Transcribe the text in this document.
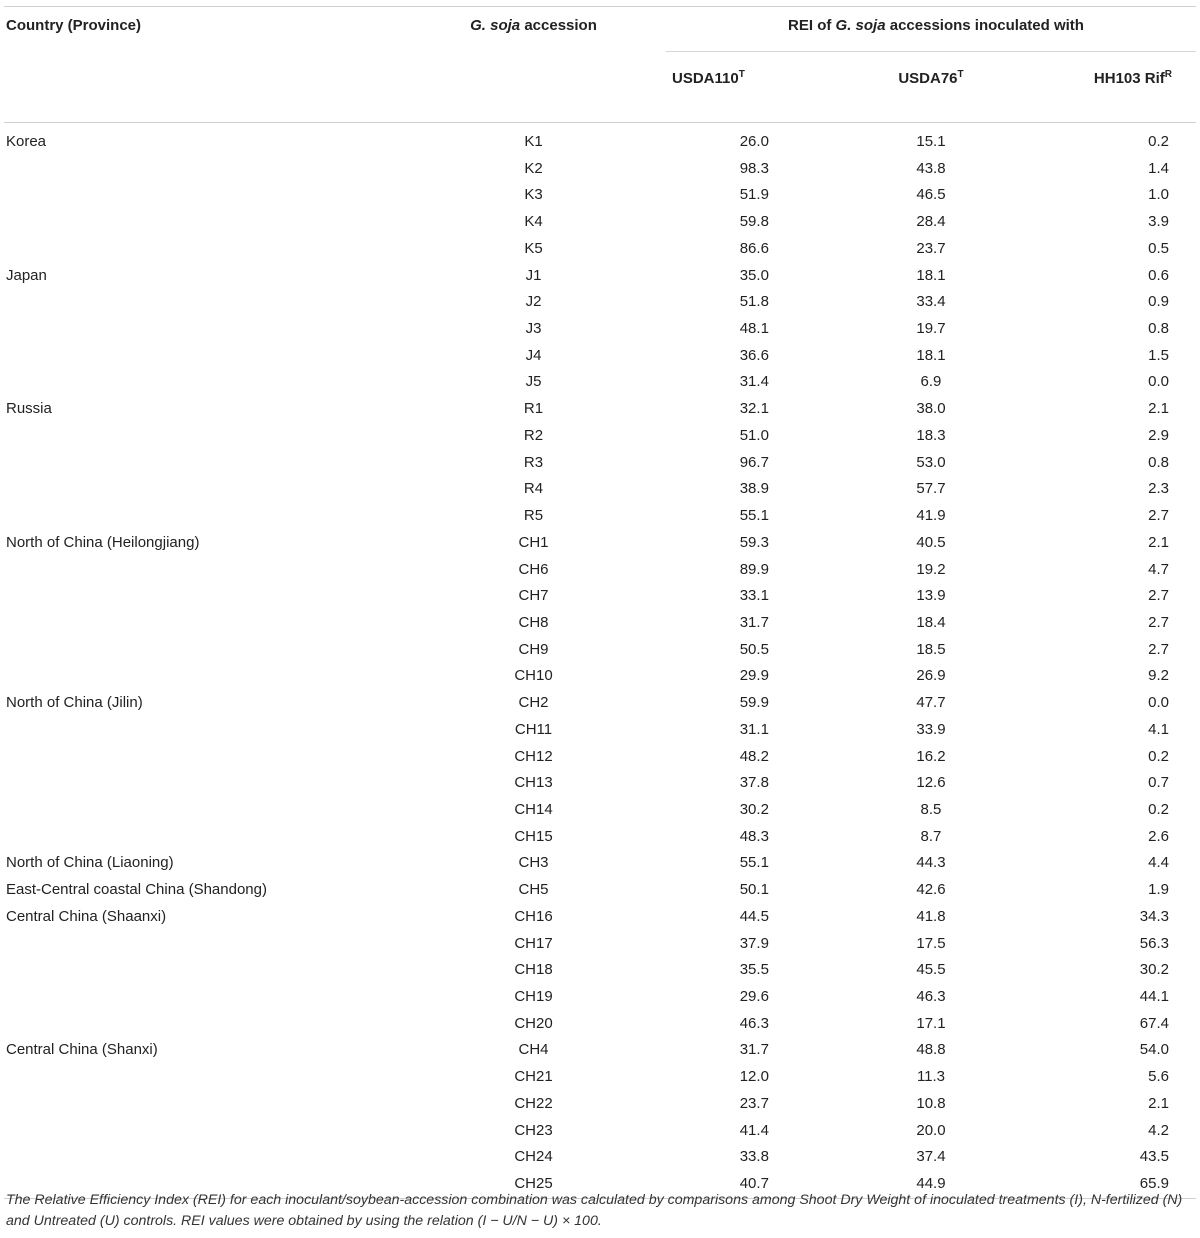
Country (Province)	G. soja accession	REI of G. soja accessions inoculated with		
		$USDA110^T$	$USDA76^T$	HH103 Rif$^R$
Korea	K1	26.0	15.1	0.2
	K2	98.3	43.8	1.4
	K3	51.9	46.5	1.0
	K4	59.8	28.4	3.9
	K5	86.6	23.7	0.5
Japan	J1	35.0	18.1	0.6
	J2	51.8	33.4	0.9
	J3	48.1	19.7	0.8
	J4	36.6	18.1	1.5
	J5	31.4	6.9	0.0
Russia	R1	32.1	38.0	2.1
	R2	51.0	18.3	2.9
	R3	96.7	53.0	0.8
	R4	38.9	57.7	2.3
	R5	55.1	41.9	2.7
North of China (Heilongjiang)	CH1	59.3	40.5	2.1
	CH6	89.9	19.2	4.7
	CH7	33.1	13.9	2.7
	CH8	31.7	18.4	2.7
	CH9	50.5	18.5	2.7
	CH10	29.9	26.9	9.2
North of China (Jilin)	CH2	59.9	47.7	0.0
	CH11	31.1	33.9	4.1
	CH12	48.2	16.2	0.2
	CH13	37.8	12.6	0.7
	CH14	30.2	8.5	0.2
	CH15	48.3	8.7	2.6
North of China (Liaoning)	CH3	55.1	44.3	4.4
East-Central coastal China (Shandong)	CH5	50.1	42.6	1.9
Central China (Shaanxi)	CH16	44.5	41.8	34.3
	CH17	37.9	17.5	56.3
	CH18	35.5	45.5	30.2
	CH19	29.6	46.3	44.1
	CH20	46.3	17.1	67.4
Central China (Shanxi)	CH4	31.7	48.8	54.0
	CH21	12.0	11.3	5.6
	CH22	23.7	10.8	2.1
	CH23	41.4	20.0	4.2
	CH24	33.8	37.4	43.5
	CH25	40.7	44.9	65.9
The Relative Efficiency Index (REI) for each inoculant/soybean-accession combination was calculated by comparisons among Shoot Dry Weight of inoculated treatments (I), N-fertilized (N) and Untreated (U) controls. REI values were obtained by using the relation (I − U/N − U) × 100.
